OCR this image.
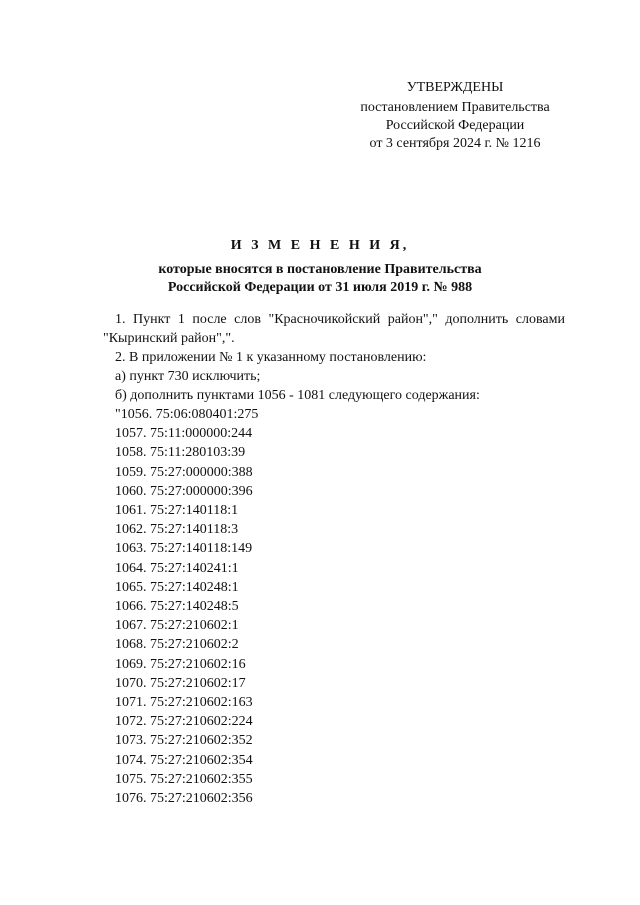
УТВЕРЖДЕНЫ
постановлением Правительства
Российской Федерации
от 3 сентября 2024 г. № 1216
И З М Е Н Е Н И Я,
которые вносятся в постановление Правительства
Российской Федерации от 31 июля 2019 г. № 988
1. Пункт 1 после слов "Красночикойский район"," дополнить словами "Кыринский район",".
2. В приложении № 1 к указанному постановлению:
а) пункт 730 исключить;
б) дополнить пунктами 1056 - 1081 следующего содержания:
"1056. 75:06:080401:275
1057. 75:11:000000:244
1058. 75:11:280103:39
1059. 75:27:000000:388
1060. 75:27:000000:396
1061. 75:27:140118:1
1062. 75:27:140118:3
1063. 75:27:140118:149
1064. 75:27:140241:1
1065. 75:27:140248:1
1066. 75:27:140248:5
1067. 75:27:210602:1
1068. 75:27:210602:2
1069. 75:27:210602:16
1070. 75:27:210602:17
1071. 75:27:210602:163
1072. 75:27:210602:224
1073. 75:27:210602:352
1074. 75:27:210602:354
1075. 75:27:210602:355
1076. 75:27:210602:356
